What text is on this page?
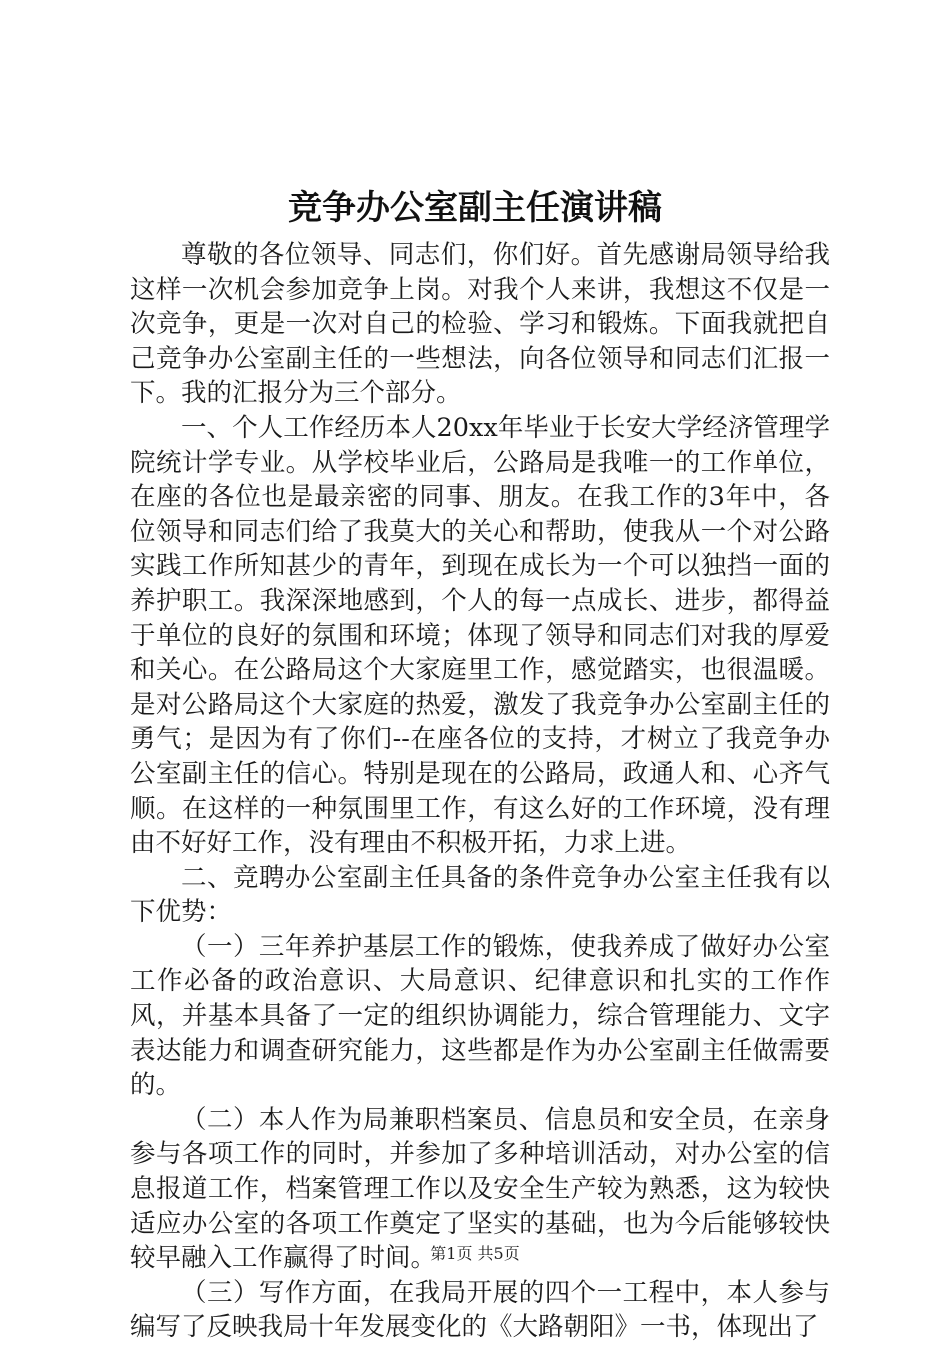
竞争办公室副主任演讲稿

尊敬的各位领导、同志们，你们好。首先感谢局领导给我这样一次机会参加竞争上岗。对我个人来讲，我想这不仅是一次竞争，更是一次对自己的检验、学习和锻炼。下面我就把自己竞争办公室副主任的一些想法，向各位领导和同志们汇报一下。我的汇报分为三个部分。

一、个人工作经历本人20xx年毕业于长安大学经济管理学院统计学专业。从学校毕业后，公路局是我唯一的工作单位，在座的各位也是最亲密的同事、朋友。在我工作的3年中，各位领导和同志们给了我莫大的关心和帮助，使我从一个对公路实践工作所知甚少的青年，到现在成长为一个可以独挡一面的养护职工。我深深地感到，个人的每一点成长、进步，都得益于单位的良好的氛围和环境；体现了领导和同志们对我的厚爱和关心。在公路局这个大家庭里工作，感觉踏实，也很温暖。是对公路局这个大家庭的热爱，激发了我竞争办公室副主任的勇气；是因为有了你们--在座各位的支持，才树立了我竞争办公室副主任的信心。特别是现在的公路局，政通人和、心齐气顺。在这样的一种氛围里工作，有这么好的工作环境，没有理由不好好工作，没有理由不积极开拓，力求上进。

二、竞聘办公室副主任具备的条件竞争办公室主任我有以下优势：

（一）三年养护基层工作的锻炼，使我养成了做好办公室工作必备的政治意识、大局意识、纪律意识和扎实的工作作风，并基本具备了一定的组织协调能力，综合管理能力、文字表达能力和调查研究能力，这些都是作为办公室副主任做需要的。

（二）本人作为局兼职档案员、信息员和安全员，在亲身参与各项工作的同时，并参加了多种培训活动，对办公室的信息报道工作，档案管理工作以及安全生产较为熟悉，这为较快适应办公室的各项工作奠定了坚实的基础，也为今后能够较快较早融入工作赢得了时间。

（三）写作方面，在我局开展的四个一工程中，本人参与编写了反映我局十年发展变化的《大路朝阳》一书，体现出了

第1页 共5页
